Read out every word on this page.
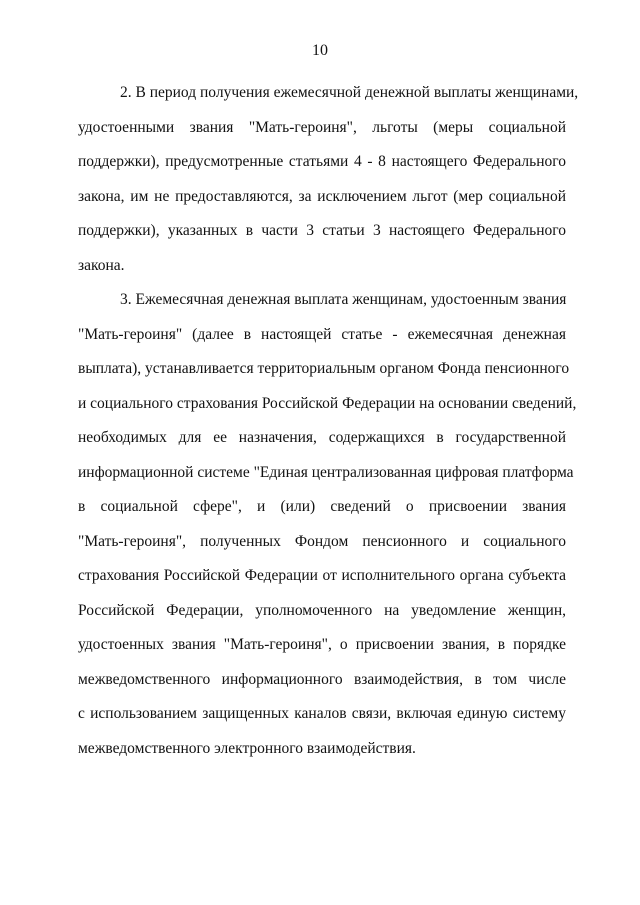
10

2. В период получения ежемесячной денежной выплаты женщинами,
удостоенными звания "Мать-героиня", льготы (меры социальной
поддержки), предусмотренные статьями 4 - 8 настоящего Федерального
закона, им не предоставляются, за исключением льгот (мер социальной
поддержки), указанных в части 3 статьи 3 настоящего Федерального
закона.

3. Ежемесячная денежная выплата женщинам, удостоенным звания
"Мать-героиня" (далее в настоящей статье - ежемесячная денежная
выплата), устанавливается территориальным органом Фонда пенсионного
и социального страхования Российской Федерации на основании сведений,
необходимых для ее назначения, содержащихся в государственной
информационной системе "Единая централизованная цифровая платформа
в социальной сфере", и (или) сведений о присвоении звания
"Мать-героиня", полученных Фондом пенсионного и социального
страхования Российской Федерации от исполнительного органа субъекта
Российской Федерации, уполномоченного на уведомление женщин,
удостоенных звания "Мать-героиня", о присвоении звания, в порядке
межведомственного информационного взаимодействия, в том числе
с использованием защищенных каналов связи, включая единую систему
межведомственного электронного взаимодействия.
